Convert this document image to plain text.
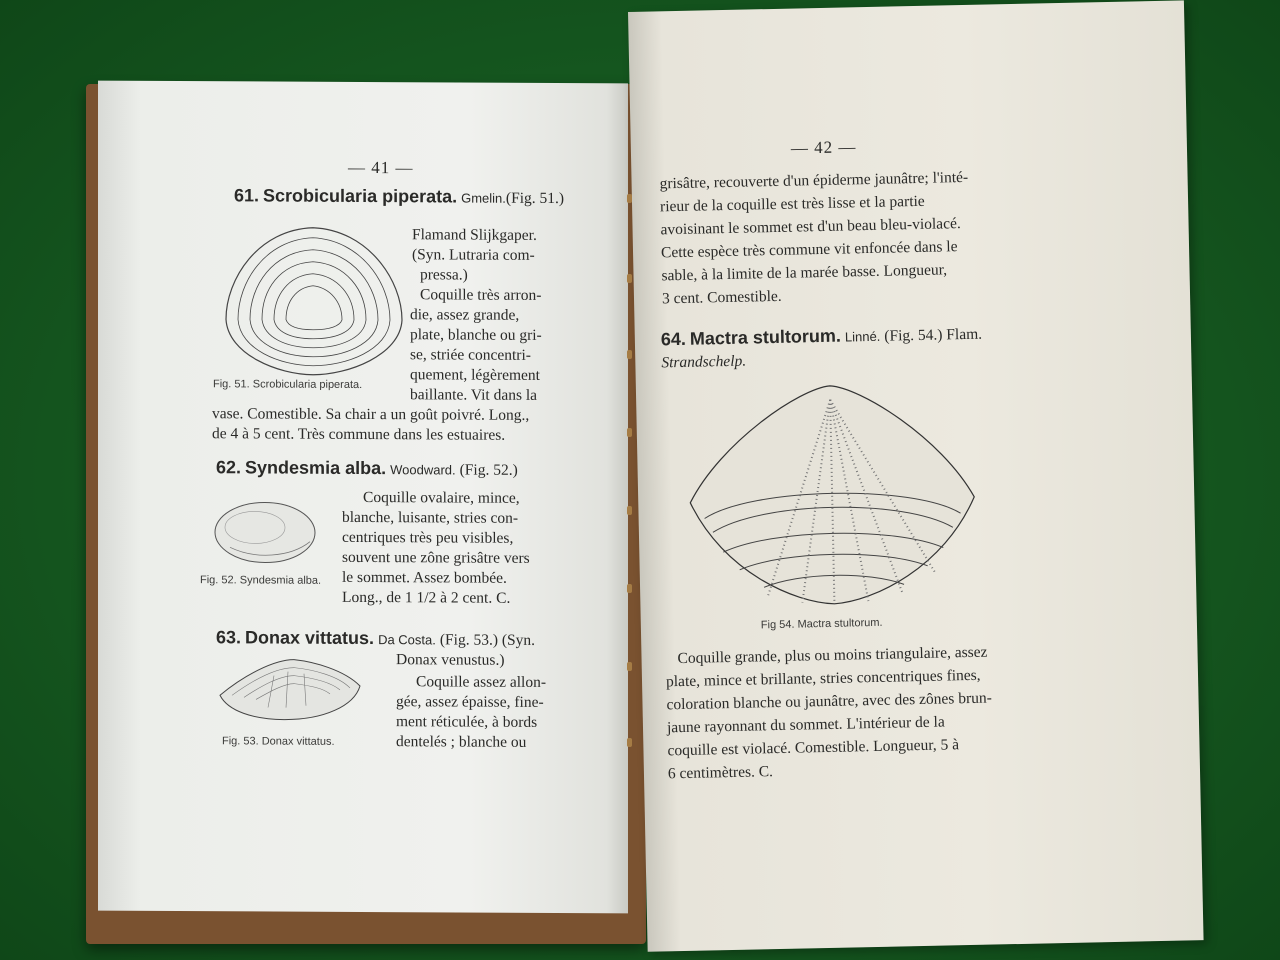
— 41 —
61. Scrobicularia piperata. Gmelin.(Fig. 51.)
Flamand Slijkgaper.
(Syn. Lutraria com-
pressa.)
Coquille très arron-
die, assez grande,
plate, blanche ou gri-
se, striée concentri-
quement, légèrement
Fig. 51. Scrobicularia piperata.
baillante. Vit dans la
vase. Comestible. Sa chair a un goût poivré. Long.,
de 4 à 5 cent. Très commune dans les estuaires.
62. Syndesmia alba. Woodward. (Fig. 52.)
Coquille ovalaire, mince,
blanche, luisante, stries con-
centriques très peu visibles,
souvent une zône grisâtre vers
Fig. 52. Syndesmia alba. le sommet. Assez bombée.
Long., de 1 1/2 à 2 cent. C.
63. Donax vittatus. Da Costa. (Fig. 53.) (Syn.
Donax venustus.)
Coquille assez allon-
gée, assez épaisse, fine-
ment réticulée, à bords
Fig. 53. Donax vittatus.	dentelés ; blanche ou
— 42 —
grisâtre, recouverte d'un épiderme jaunâtre; l'inté-
rieur de la coquille est très lisse et la partie
avoisinant le sommet est d'un beau bleu-violacé.
Cette espèce très commune vit enfoncée dans le
sable, à la limite de la marée basse. Longueur,
3 cent. Comestible.
64. Mactra stultorum. Linné. (Fig. 54.) Flam.
Strandschelp.
Fig 54. Mactra stultorum.
Coquille grande, plus ou moins triangulaire, assez
plate, mince et brillante, stries concentriques fines,
coloration blanche ou jaunâtre, avec des zônes brun-
jaune rayonnant du sommet. L'intérieur de la
coquille est violacé. Comestible. Longueur, 5 à
6 centimètres. C.
